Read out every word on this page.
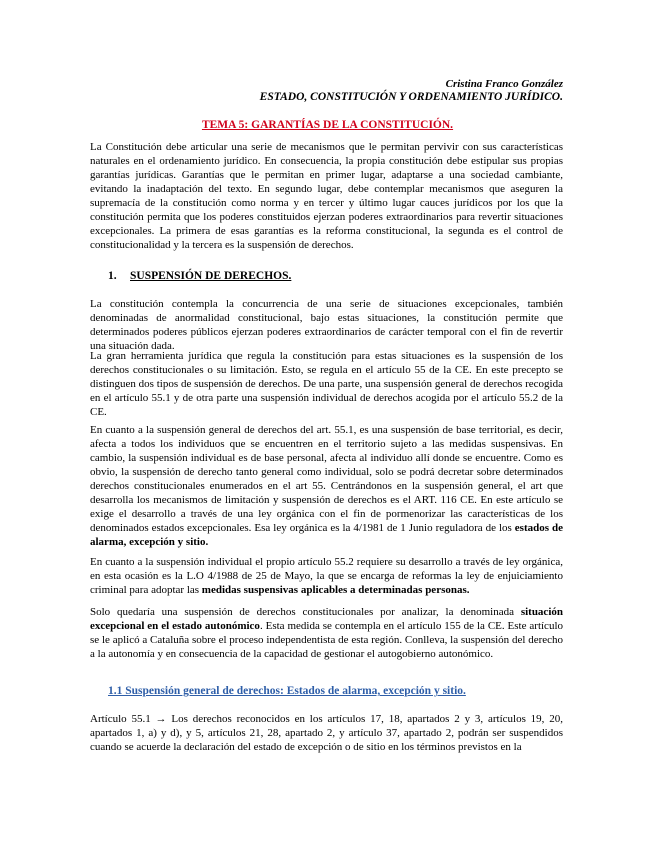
Cristina Franco González
ESTADO, CONSTITUCIÓN Y ORDENAMIENTO JURÍDICO.
TEMA 5: GARANTÍAS DE LA CONSTITUCIÓN.

La Constitución debe articular una serie de mecanismos que le permitan pervivir con sus características naturales en el ordenamiento jurídico. En consecuencia, la propia constitución debe estipular sus propias garantías jurídicas. Garantías que le permitan en primer lugar, adaptarse a una sociedad cambiante, evitando la inadaptación del texto. En segundo lugar, debe contemplar mecanismos que aseguren la supremacía de la constitución como norma y en tercer y último lugar cauces jurídicos por los que la constitución permita que los poderes constituidos ejerzan poderes extraordinarios para revertir situaciones excepcionales. La primera de esas garantías es la reforma constitucional, la segunda es el control de constitucionalidad y la tercera es la suspensión de derechos.

1. SUSPENSIÓN DE DERECHOS.

La constitución contempla la concurrencia de una serie de situaciones excepcionales, también denominadas de anormalidad constitucional, bajo estas situaciones, la constitución permite que determinados poderes públicos ejerzan poderes extraordinarios de carácter temporal con el fin de revertir una situación dada.

La gran herramienta jurídica que regula la constitución para estas situaciones es la suspensión de los derechos constitucionales o su limitación. Esto, se regula en el artículo 55 de la CE. En este precepto se distinguen dos tipos de suspensión de derechos. De una parte, una suspensión general de derechos recogida en el artículo 55.1 y de otra parte una suspensión individual de derechos acogida por el artículo 55.2 de la CE.

En cuanto a la suspensión general de derechos del art. 55.1, es una suspensión de base territorial, es decir, afecta a todos los individuos que se encuentren en el territorio sujeto a las medidas suspensivas. En cambio, la suspensión individual es de base personal, afecta al individuo allí donde se encuentre. Como es obvio, la suspensión de derecho tanto general como individual, solo se podrá decretar sobre determinados derechos constitucionales enumerados en el art 55. Centrándonos en la suspensión general, el art que desarrolla los mecanismos de limitación y suspensión de derechos es el ART. 116 CE. En este artículo se exige el desarrollo a través de una ley orgánica con el fin de pormenorizar las características de los denominados estados excepcionales. Esa ley orgánica es la 4/1981 de 1 Junio reguladora de los estados de alarma, excepción y sitio.

En cuanto a la suspensión individual el propio artículo 55.2 requiere su desarrollo a través de ley orgánica, en esta ocasión es la L.O 4/1988 de 25 de Mayo, la que se encarga de reformas la ley de enjuiciamiento criminal para adoptar las medidas suspensivas aplicables a determinadas personas.

Solo quedaría una suspensión de derechos constitucionales por analizar, la denominada situación excepcional en el estado autonómico. Esta medida se contempla en el artículo 155 de la CE. Este artículo se le aplicó a Cataluña sobre el proceso independentista de esta región. Conlleva, la suspensión del derecho a la autonomía y en consecuencia de la capacidad de gestionar el autogobierno autonómico.

1.1 Suspensión general de derechos: Estados de alarma, excepción y sitio.

Artículo 55.1 → Los derechos reconocidos en los artículos 17, 18, apartados 2 y 3, artículos 19, 20, apartados 1, a) y d), y 5, artículos 21, 28, apartado 2, y artículo 37, apartado 2, podrán ser suspendidos cuando se acuerde la declaración del estado de excepción o de sitio en los términos previstos en la
